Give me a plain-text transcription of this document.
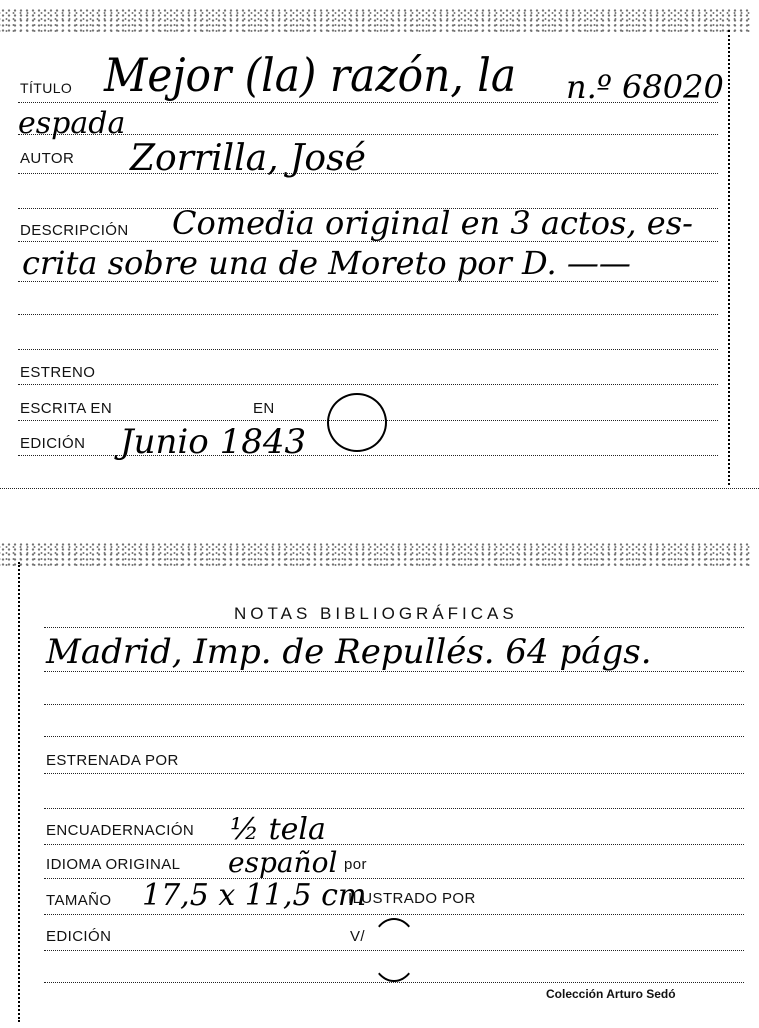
TÍTULO Mejor (la) razón, la n.º 68020
espada
AUTOR Zorrilla, José
DESCRIPCIÓN Comedia original en 3 actos, es-
crita sobre una de Moreto por D. ——
ESTRENO
ESCRITA EN	EN
EDICIÓN Junio 1843
NOTAS BIBLIOGRÁFICAS
Madrid, Imp. de Repullés. 64 págs.
ESTRENADA POR
ENCUADERNACIÓN ½ tela
IDIOMA ORIGINAL español por
TAMAÑO 17,5 x 11,5 cm
ILUSTRADO POR
EDICIÓN	V/
Colección Arturo Sedó
